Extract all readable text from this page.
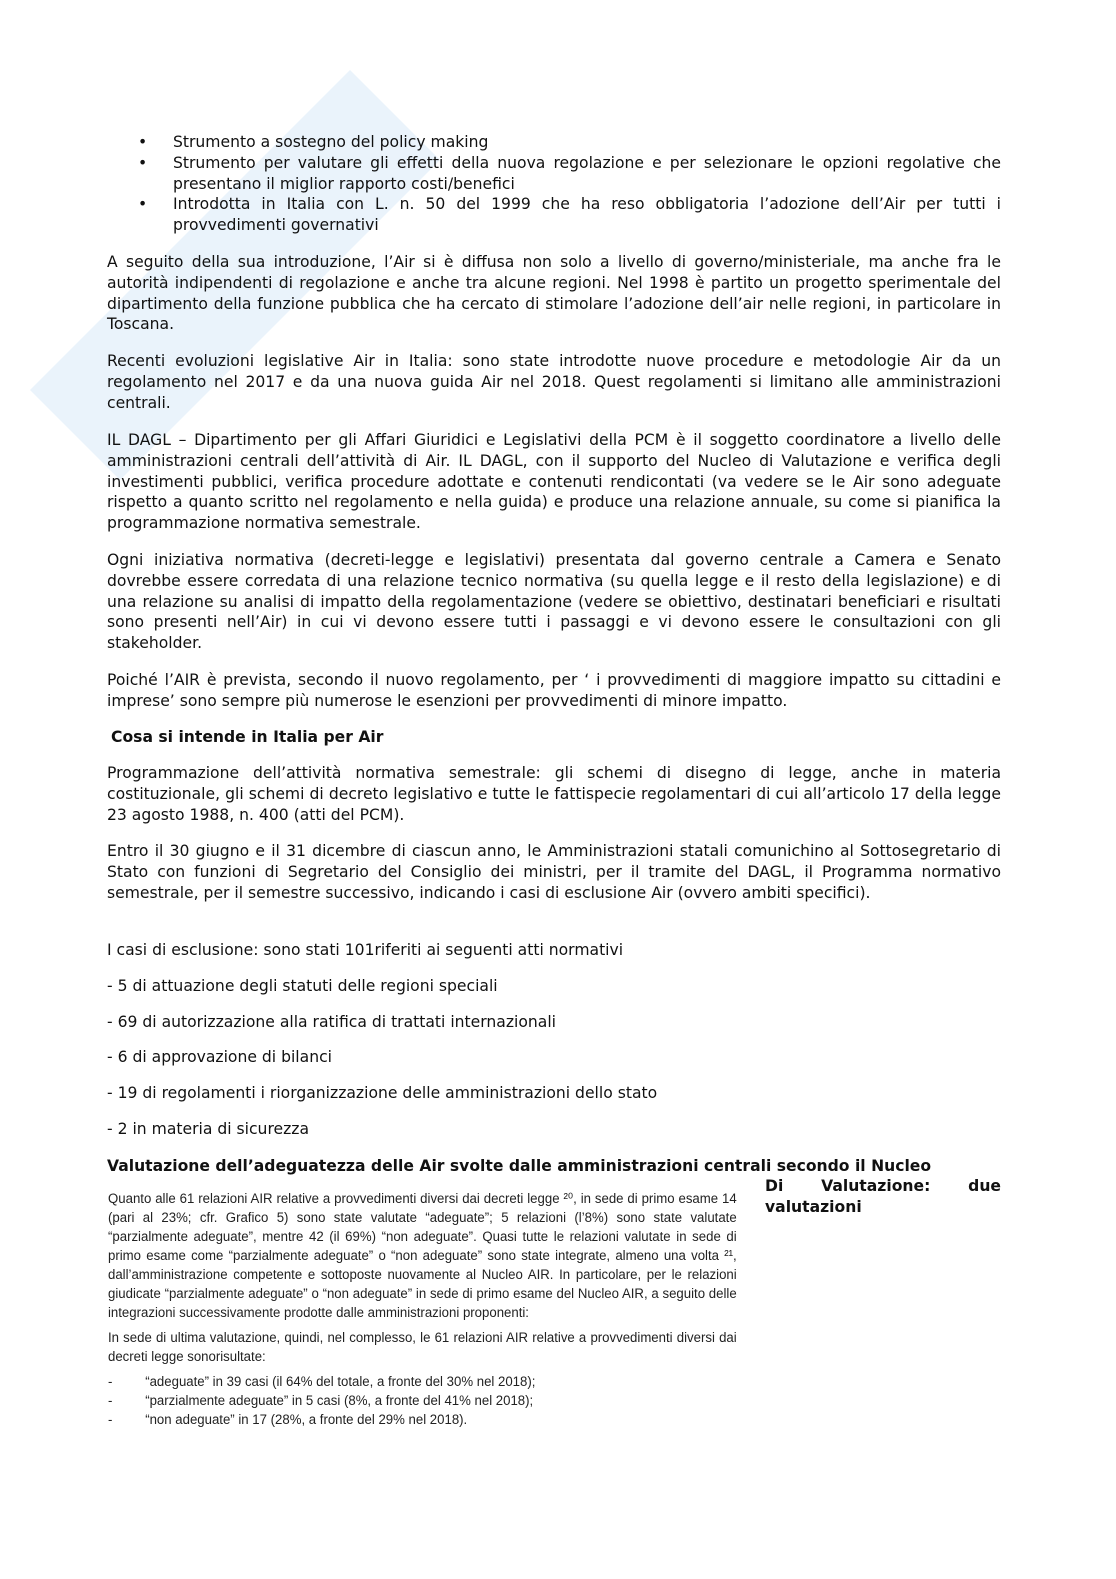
• Strumento a sostegno del policy making
• Strumento per valutare gli effetti della nuova regolazione e per selezionare le opzioni regolative che presentano il miglior rapporto costi/benefici
• Introdotta in Italia con L. n. 50 del 1999 che ha reso obbligatoria l’adozione dell’Air per tutti i provvedimenti governativi
A seguito della sua introduzione, l’Air si è diffusa non solo a livello di governo/ministeriale, ma anche fra le autorità indipendenti di regolazione e anche tra alcune regioni. Nel 1998 è partito un progetto sperimentale del dipartimento della funzione pubblica che ha cercato di stimolare l’adozione dell’air nelle regioni, in particolare in Toscana.
Recenti evoluzioni legislative Air in Italia: sono state introdotte nuove procedure e metodologie Air da un regolamento nel 2017 e da una nuova guida Air nel 2018. Quest regolamenti si limitano alle amministrazioni centrali.
IL DAGL – Dipartimento per gli Affari Giuridici e Legislativi della PCM è il soggetto coordinatore a livello delle amministrazioni centrali dell’attività di Air. IL DAGL, con il supporto del Nucleo di Valutazione e verifica degli investimenti pubblici, verifica procedure adottate e contenuti rendicontati (va vedere se le Air sono adeguate rispetto a quanto scritto nel regolamento e nella guida) e produce una relazione annuale, su come si pianifica la programmazione normativa semestrale.
Ogni iniziativa normativa (decreti-legge e legislativi) presentata dal governo centrale a Camera e Senato dovrebbe essere corredata di una relazione tecnico normativa (su quella legge e il resto della legislazione) e di una relazione su analisi di impatto della regolamentazione (vedere se obiettivo, destinatari beneficiari e risultati sono presenti nell’Air) in cui vi devono essere tutti i passaggi e vi devono essere le consultazioni con gli stakeholder.
Poiché l’AIR è prevista, secondo il nuovo regolamento, per ‘ i provvedimenti di maggiore impatto su cittadini e imprese’ sono sempre più numerose le esenzioni per provvedimenti di minore impatto.
Cosa si intende in Italia per Air
Programmazione dell’attività normativa semestrale: gli schemi di disegno di legge, anche in materia costituzionale, gli schemi di decreto legislativo e tutte le fattispecie regolamentari di cui all’articolo 17 della legge 23 agosto 1988, n. 400 (atti del PCM).
Entro il 30 giugno e il 31 dicembre di ciascun anno, le Amministrazioni statali comunichino al Sottosegretario di Stato con funzioni di Segretario del Consiglio dei ministri, per il tramite del DAGL, il Programma normativo semestrale, per il semestre successivo, indicando i casi di esclusione Air (ovvero ambiti specifici).
I casi di esclusione: sono stati 101riferiti ai seguenti atti normativi
- 5 di attuazione degli statuti delle regioni speciali
- 69 di autorizzazione alla ratifica di trattati internazionali
- 6 di approvazione di bilanci
- 19 di regolamenti i riorganizzazione delle amministrazioni dello stato
- 2 in materia di sicurezza
Valutazione dell’adeguatezza delle Air svolte dalle amministrazioni centrali secondo il Nucleo
Di Valutazione: due
valutazioni

Quanto alle 61 relazioni AIR relative a provvedimenti diversi dai decreti legge ²⁰, in sede di primo esame 14 (pari al 23%; cfr. Grafico 5) sono state valutate “adeguate”; 5 relazioni (l’8%) sono state valutate “parzialmente adeguate”, mentre 42 (il 69%) “non adeguate”. Quasi tutte le relazioni valutate in sede di primo esame come “parzialmente adeguate” o “non adeguate” sono state integrate, almeno una volta ²¹, dall’amministrazione competente e sottoposte nuovamente al Nucleo AIR. In particolare, per le relazioni giudicate “parzialmente adeguate” o “non adeguate” in sede di primo esame del Nucleo AIR, a seguito delle integrazioni successivamente prodotte dalle amministrazioni proponenti:

In sede di ultima valutazione, quindi, nel complesso, le 61 relazioni AIR relative a provvedimenti diversi dai decreti legge sonorisultate:

-	“adeguate” in 39 casi (il 64% del totale, a fronte del 30% nel 2018);
-	“parzialmente adeguate” in 5 casi (8%, a fronte del 41% nel 2018);
-	“non adeguate” in 17 (28%, a fronte del 29% nel 2018).
